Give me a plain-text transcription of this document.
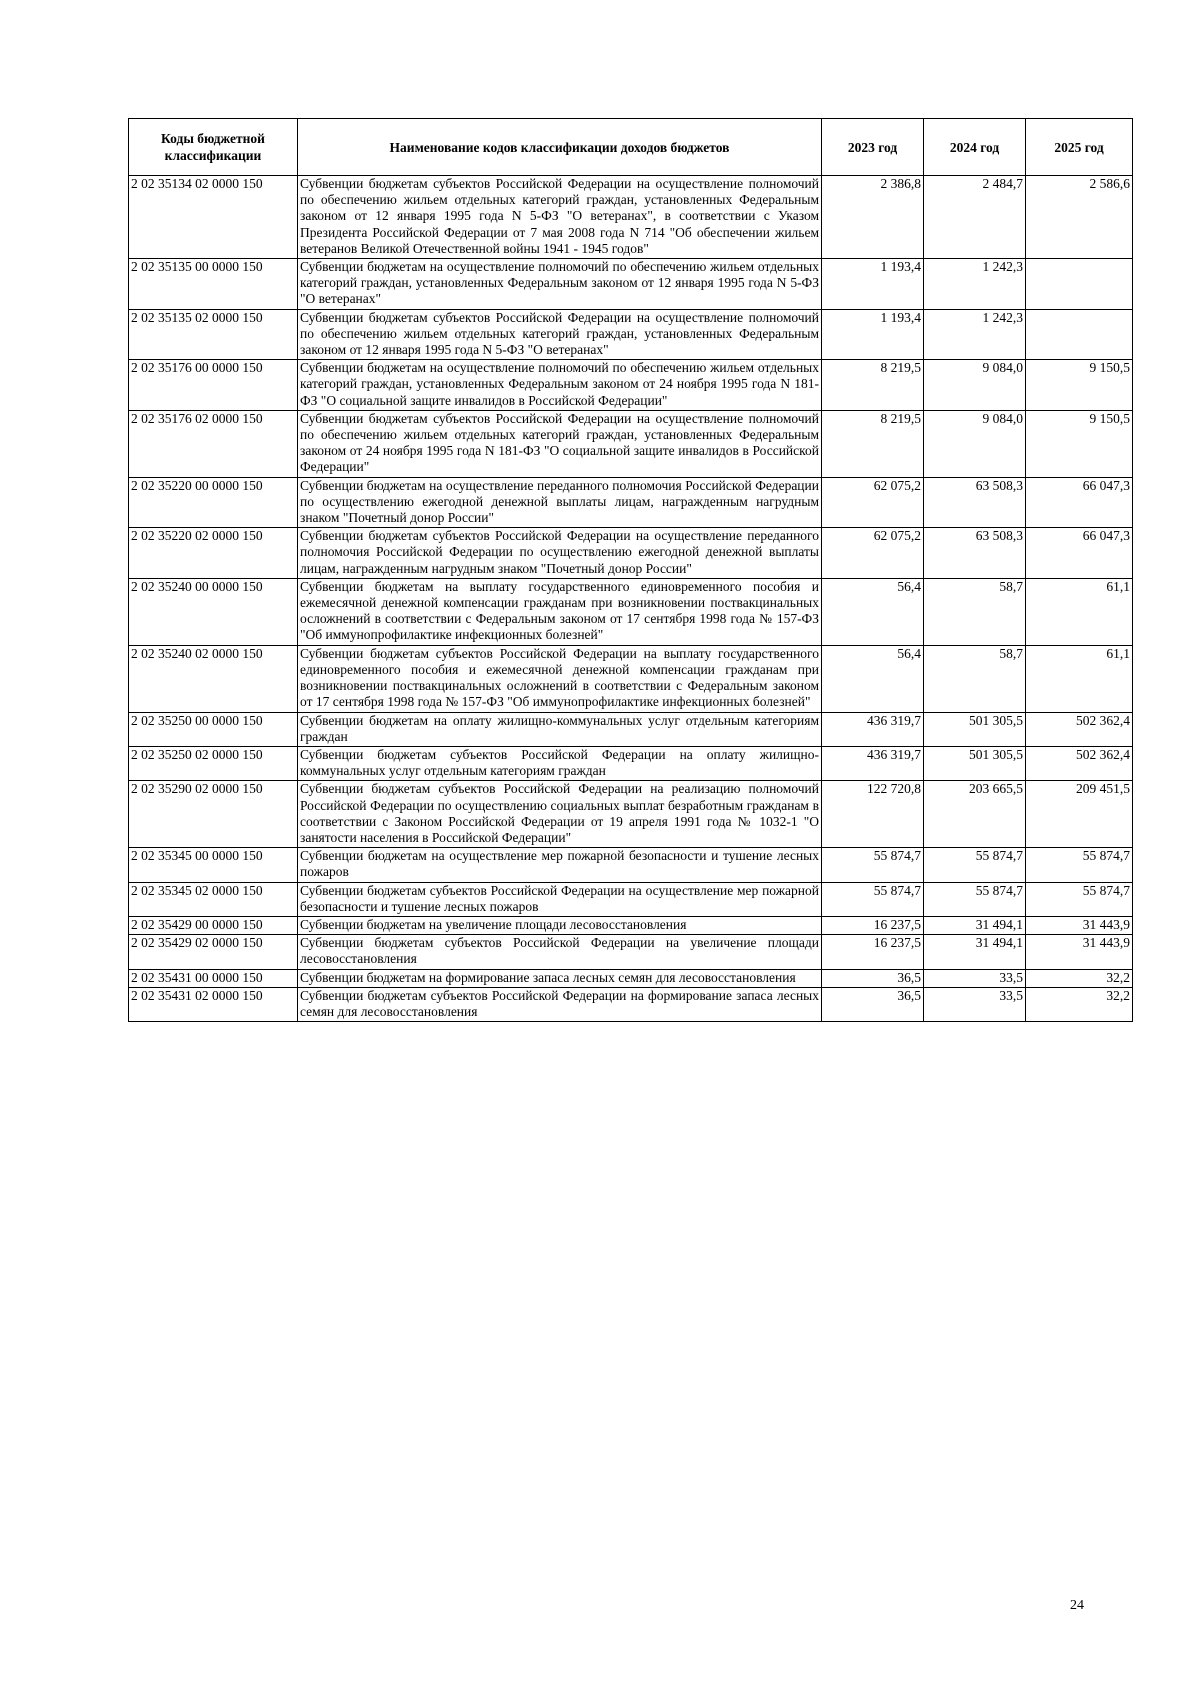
Коды бюджетной классификации	Наименование кодов классификации доходов бюджетов	2023 год	2024 год	2025 год
2 02 35134 02 0000 150	Субвенции бюджетам субъектов Российской Федерации на осуществление полномочий по обеспечению жильем отдельных категорий граждан, установленных Федеральным законом от 12 января 1995 года N 5-ФЗ "О ветеранах", в соответствии с Указом Президента Российской Федерации от 7 мая 2008 года N 714 "Об обеспечении жильем ветеранов Великой Отечественной войны 1941 - 1945 годов"	2 386,8	2 484,7	2 586,6
2 02 35135 00 0000 150	Субвенции бюджетам на осуществление полномочий по обеспечению жильем отдельных категорий граждан, установленных Федеральным законом от 12 января 1995 года N 5-ФЗ "О ветеранах"	1 193,4	1 242,3	
2 02 35135 02 0000 150	Субвенции бюджетам субъектов Российской Федерации на осуществление полномочий по обеспечению жильем отдельных категорий граждан, установленных Федеральным законом от 12 января 1995 года N 5-ФЗ "О ветеранах"	1 193,4	1 242,3	
2 02 35176 00 0000 150	Субвенции бюджетам на осуществление полномочий по обеспечению жильем отдельных категорий граждан, установленных Федеральным законом от 24 ноября 1995 года N 181-ФЗ "О социальной защите инвалидов в Российской Федерации"	8 219,5	9 084,0	9 150,5
2 02 35176 02 0000 150	Субвенции бюджетам субъектов Российской Федерации на осуществление полномочий по обеспечению жильем отдельных категорий граждан, установленных Федеральным законом от 24 ноября 1995 года N 181-ФЗ "О социальной защите инвалидов в Российской Федерации"	8 219,5	9 084,0	9 150,5
2 02 35220 00 0000 150	Субвенции бюджетам на осуществление переданного полномочия Российской Федерации по осуществлению ежегодной денежной выплаты лицам, награжденным нагрудным знаком "Почетный донор России"	62 075,2	63 508,3	66 047,3
2 02 35220 02 0000 150	Субвенции бюджетам субъектов Российской Федерации на осуществление переданного полномочия Российской Федерации по осуществлению ежегодной денежной выплаты лицам, награжденным нагрудным знаком "Почетный донор России"	62 075,2	63 508,3	66 047,3
2 02 35240 00 0000 150	Субвенции бюджетам на выплату государственного единовременного пособия и ежемесячной денежной компенсации гражданам при возникновении поствакцинальных осложнений в соответствии с Федеральным законом от 17 сентября 1998 года № 157-ФЗ "Об иммунопрофилактике инфекционных болезней"	56,4	58,7	61,1
2 02 35240 02 0000 150	Субвенции бюджетам субъектов Российской Федерации на выплату государственного единовременного пособия и ежемесячной денежной компенсации гражданам при возникновении поствакцинальных осложнений в соответствии с Федеральным законом от 17 сентября 1998 года № 157-ФЗ "Об иммунопрофилактике инфекционных болезней"	56,4	58,7	61,1
2 02 35250 00 0000 150	Субвенции бюджетам на оплату жилищно-коммунальных услуг отдельным категориям граждан	436 319,7	501 305,5	502 362,4
2 02 35250 02 0000 150	Субвенции бюджетам субъектов Российской Федерации на оплату жилищно-коммунальных услуг отдельным категориям граждан	436 319,7	501 305,5	502 362,4
2 02 35290 02 0000 150	Субвенции бюджетам субъектов Российской Федерации на реализацию полномочий Российской Федерации по осуществлению социальных выплат безработным гражданам в соответствии с Законом Российской Федерации от 19 апреля 1991 года № 1032-1 "О занятости населения в Российской Федерации"	122 720,8	203 665,5	209 451,5
2 02 35345 00 0000 150	Субвенции бюджетам на осуществление мер пожарной безопасности и тушение лесных пожаров	55 874,7	55 874,7	55 874,7
2 02 35345 02 0000 150	Субвенции бюджетам субъектов Российской Федерации на осуществление мер пожарной безопасности и тушение лесных пожаров	55 874,7	55 874,7	55 874,7
2 02 35429 00 0000 150	Субвенции бюджетам на увеличение площади лесовосстановления	16 237,5	31 494,1	31 443,9
2 02 35429 02 0000 150	Субвенции бюджетам субъектов Российской Федерации на увеличение площади лесовосстановления	16 237,5	31 494,1	31 443,9
2 02 35431 00 0000 150	Субвенции бюджетам на формирование запаса лесных семян для лесовосстановления	36,5	33,5	32,2
2 02 35431 02 0000 150	Субвенции бюджетам субъектов Российской Федерации на формирование запаса лесных семян для лесовосстановления	36,5	33,5	32,2
24
